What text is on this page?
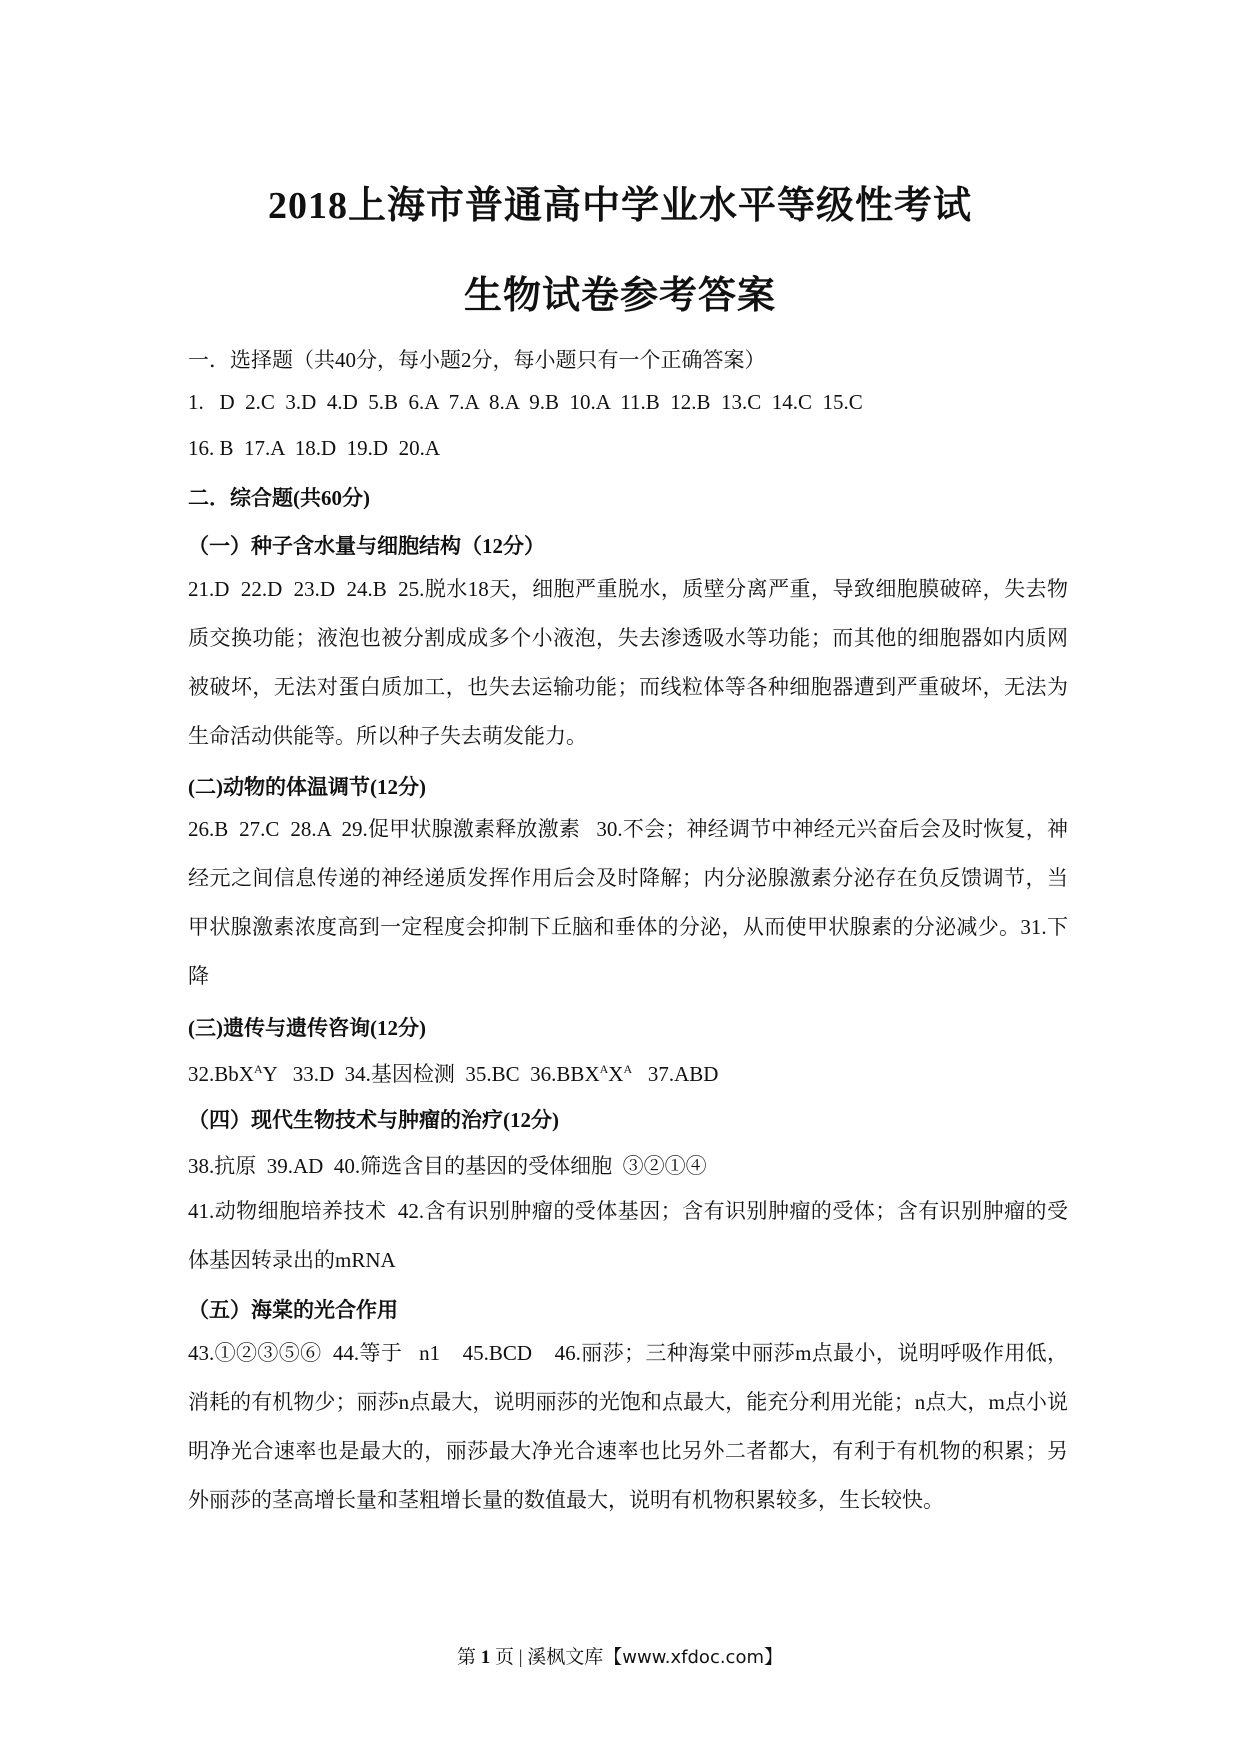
2018上海市普通高中学业水平等级性考试
生物试卷参考答案
一．选择题（共40分，每小题2分，每小题只有一个正确答案）
1.   D  2.C  3.D  4.D  5.B  6.A  7.A  8.A  9.B  10.A  11.B  12.B  13.C  14.C  15.C
16. B  17.A  18.D  19.D  20.A
二．综合题(共60分)
（一）种子含水量与细胞结构（12分）
21.D  22.D  23.D  24.B  25.脱水18天，细胞严重脱水，质壁分离严重，导致细胞膜破碎，失去物质交换功能；液泡也被分割成成多个小液泡，失去渗透吸水等功能；而其他的细胞器如内质网被破坏，无法对蛋白质加工，也失去运输功能；而线粒体等各种细胞器遭到严重破坏，无法为生命活动供能等。所以种子失去萌发能力。
(二)动物的体温调节(12分)
26.B  27.C  28.A  29.促甲状腺激素释放激素   30.不会；神经调节中神经元兴奋后会及时恢复，神经元之间信息传递的神经递质发挥作用后会及时降解；内分泌腺激素分泌存在负反馈调节，当甲状腺激素浓度高到一定程度会抑制下丘脑和垂体的分泌，从而使甲状腺素的分泌减少。31.下降
(三)遗传与遗传咨询(12分)
32.BbX$^A$Y   33.D  34.基因检测  35.BC  $36.BBX^AX^A$   37.ABD
（四）现代生物技术与肿瘤的治疗(12分)
38.抗原  39.AD  40.筛选含目的基因的受体细胞  ③②①④
41.动物细胞培养技术  42.含有识别肿瘤的受体基因；含有识别肿瘤的受体；含有识别肿瘤的受体基因转录出的mRNA
（五）海棠的光合作用
43.①②③⑤⑥  44.等于   n1    45.BCD    46.丽莎；三种海棠中丽莎m点最小，说明呼吸作用低，消耗的有机物少；丽莎n点最大，说明丽莎的光饱和点最大，能充分利用光能；n点大，m点小说明净光合速率也是最大的，丽莎最大净光合速率也比另外二者都大，有利于有机物的积累；另外丽莎的茎高增长量和茎粗增长量的数值最大，说明有机物积累较多，生长较快。
第 1 页 | 溪枫文库【www.xfdoc.com】
